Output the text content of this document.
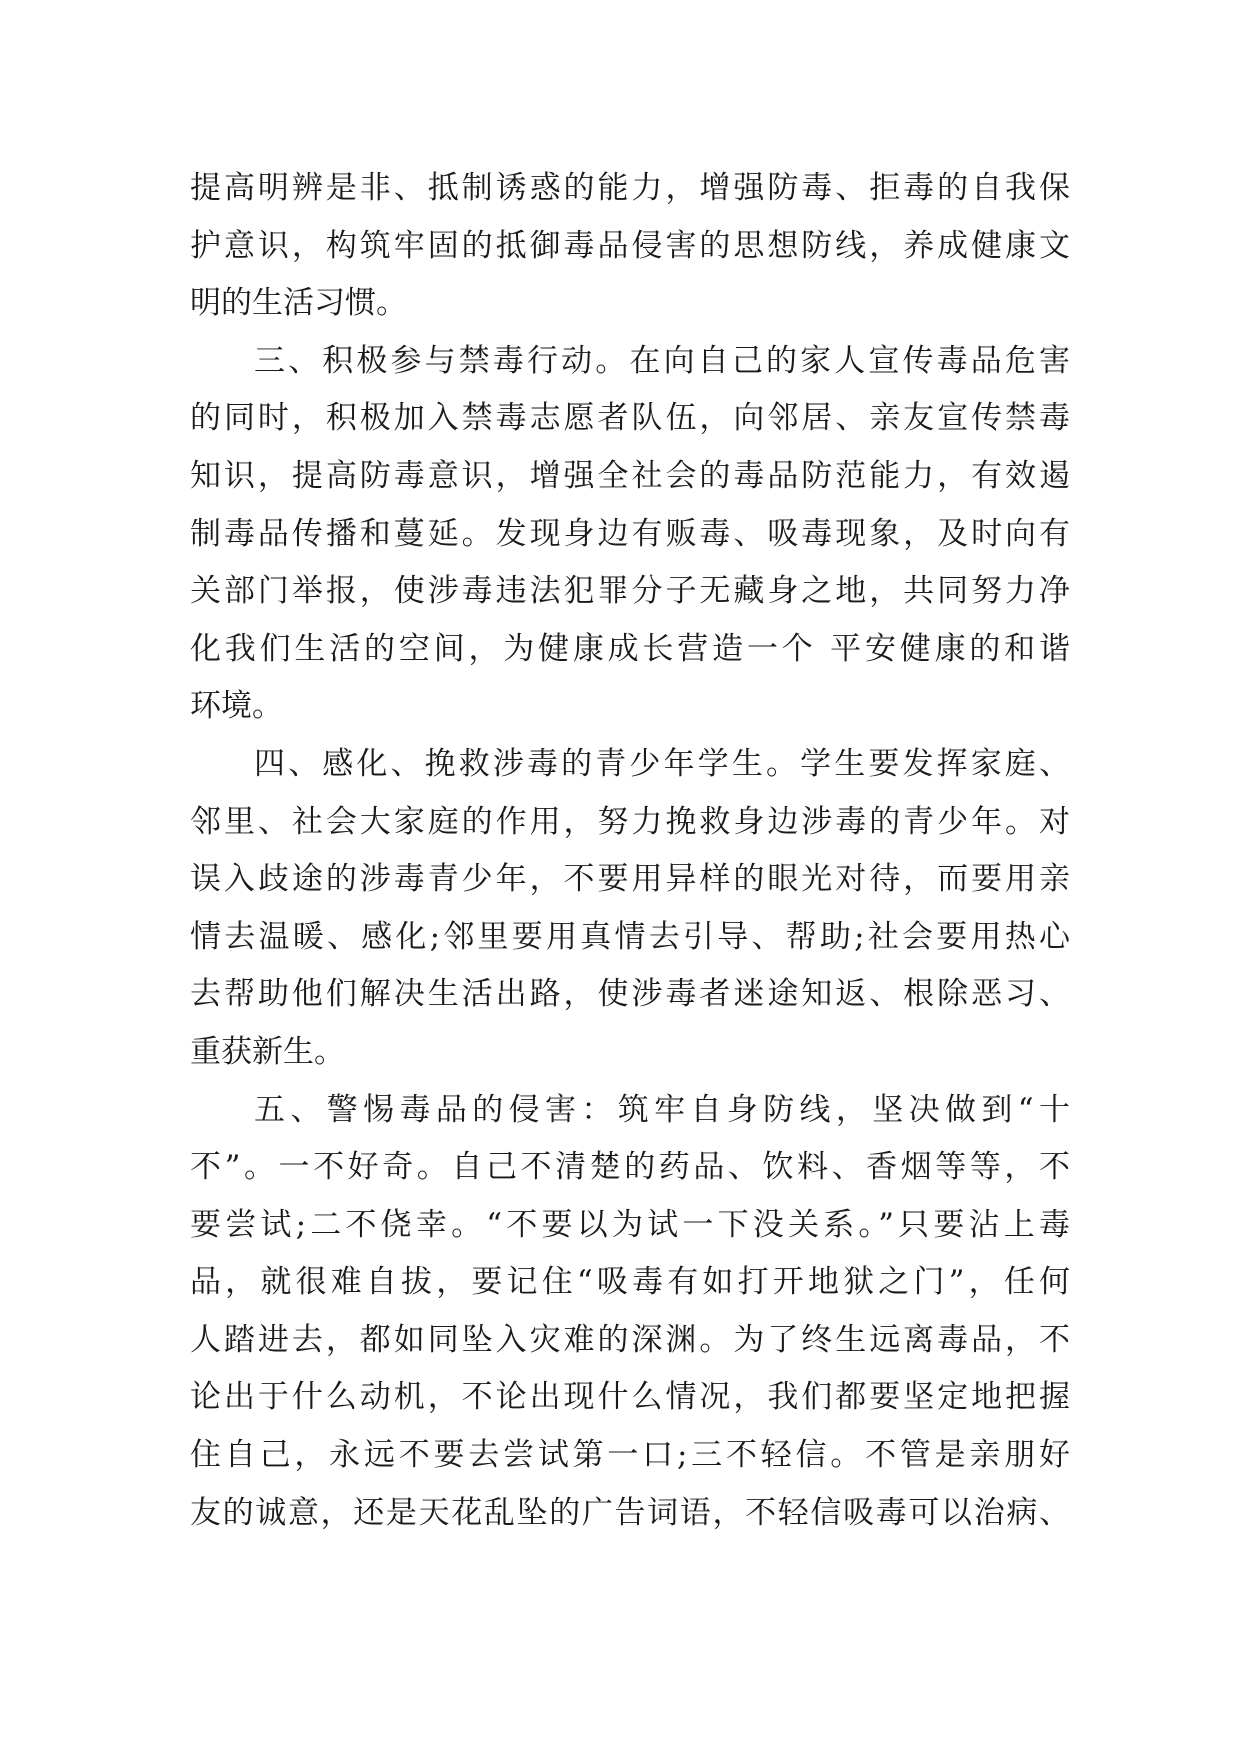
提高明辨是非、抵制诱惑的能力，增强防毒、拒毒的自我保
护意识，构筑牢固的抵御毒品侵害的思想防线，养成健康文
明的生活习惯。
三、积极参与禁毒行动。在向自己的家人宣传毒品危害
的同时，积极加入禁毒志愿者队伍，向邻居、亲友宣传禁毒
知识，提高防毒意识，增强全社会的毒品防范能力，有效遏
制毒品传播和蔓延。发现身边有贩毒、吸毒现象，及时向有
关部门举报，使涉毒违法犯罪分子无藏身之地，共同努力净
化我们生活的空间，为健康成长营造一个 平安健康的和谐
环境。
四、感化、挽救涉毒的青少年学生。学生要发挥家庭、
邻里、社会大家庭的作用，努力挽救身边涉毒的青少年。对
误入歧途的涉毒青少年，不要用异样的眼光对待，而要用亲
情去温暖、感化;邻里要用真情去引导、帮助;社会要用热心
去帮助他们解决生活出路，使涉毒者迷途知返、根除恶习、
重获新生。
五、警惕毒品的侵害：筑牢自身防线，坚决做到“十
不”。一不好奇。自己不清楚的药品、饮料、香烟等等，不
要尝试;二不侥幸。“不要以为试一下没关系。”只要沾上毒
品，就很难自拔，要记住“吸毒有如打开地狱之门”，任何
人踏进去，都如同坠入灾难的深渊。为了终生远离毒品，不
论出于什么动机，不论出现什么情况，我们都要坚定地把握
住自己，永远不要去尝试第一口;三不轻信。不管是亲朋好
友的诚意，还是天花乱坠的广告词语，不轻信吸毒可以治病、
